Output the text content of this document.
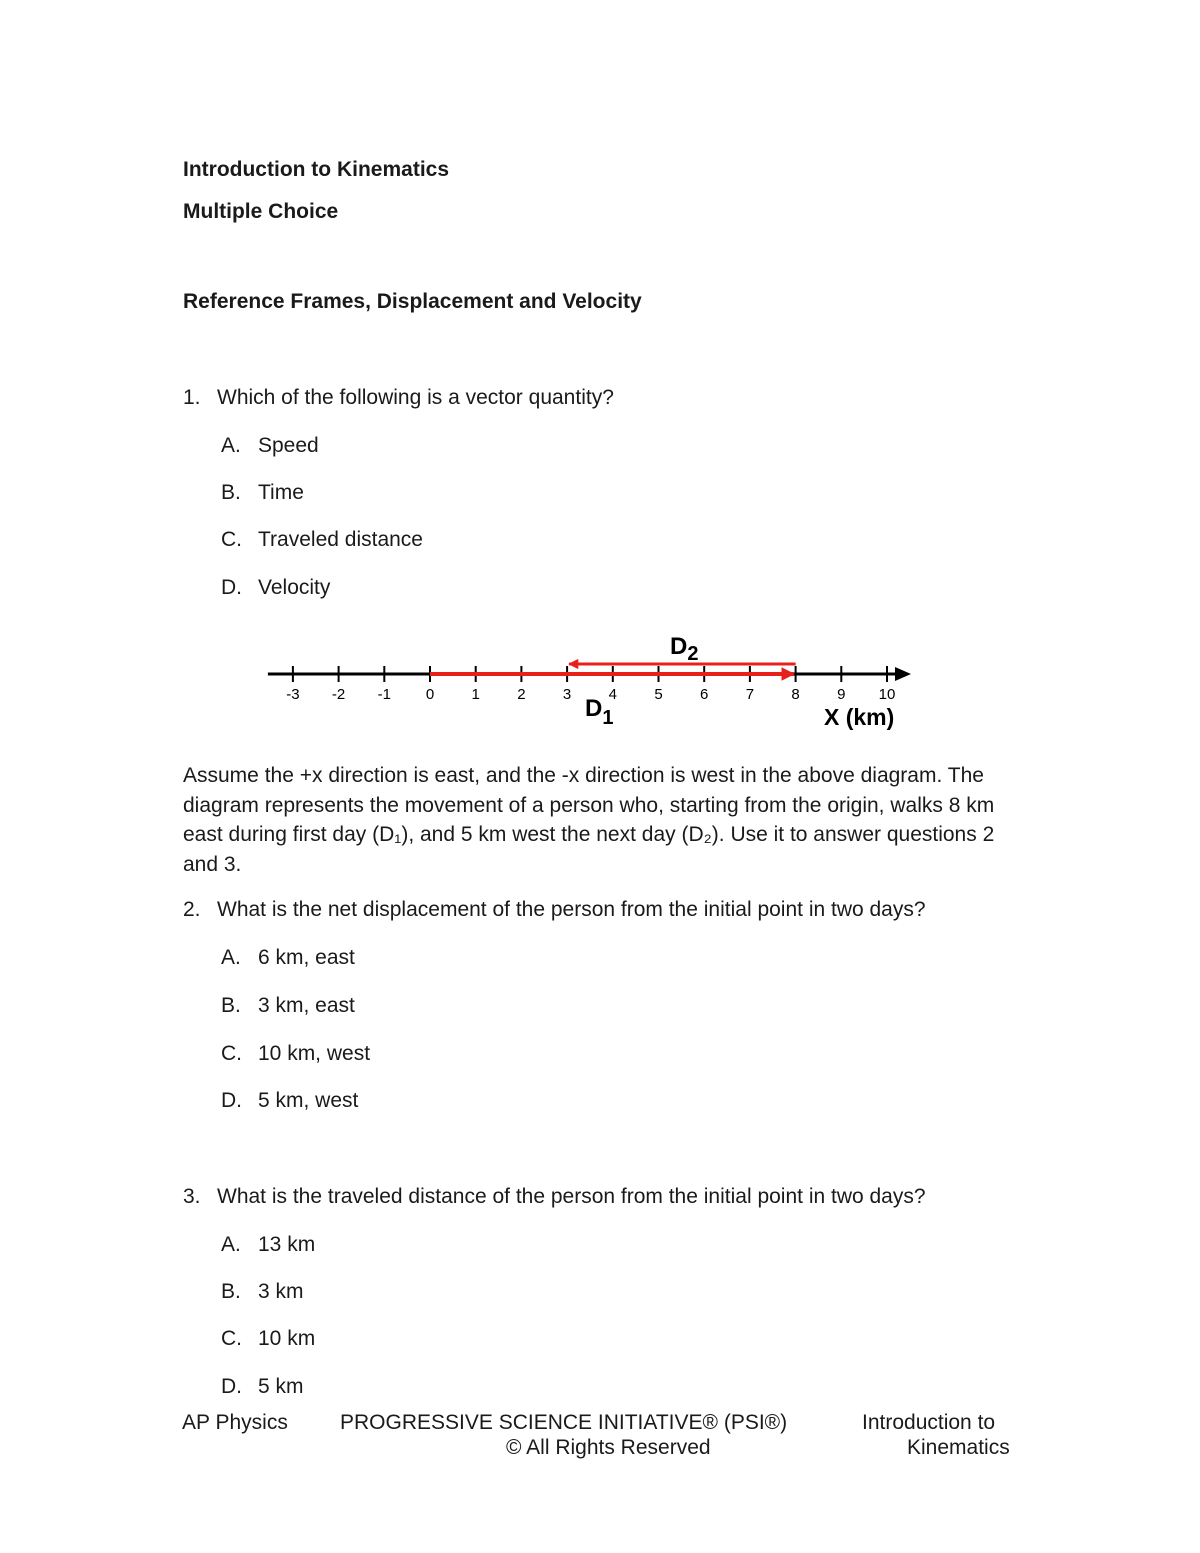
Introduction to Kinematics
Multiple Choice
Reference Frames, Displacement and Velocity
1. Which of the following is a vector quantity?
A. Speed
B. Time
C. Traveled distance
D. Velocity
-3 -2 -1 0 1 2 3 4 5 6 7 8 9 10
$D_1$
$D_2$
X (km)
Assume the +x direction is east, and the -x direction is west in the above diagram. The diagram represents the movement of a person who, starting from the origin, walks 8 km east during first day (D₁), and 5 km west the next day (D₂). Use it to answer questions 2 and 3.
2. What is the net displacement of the person from the initial point in two days?
A. 6 km, east
B. 3 km, east
C. 10 km, west
D. 5 km, west
3. What is the traveled distance of the person from the initial point in two days?
A. 13 km
B. 3 km
C. 10 km
D. 5 km
AP Physics PROGRESSIVE SCIENCE INITIATIVE® (PSI®)
© All Rights Reserved
Introduction to
Kinematics
